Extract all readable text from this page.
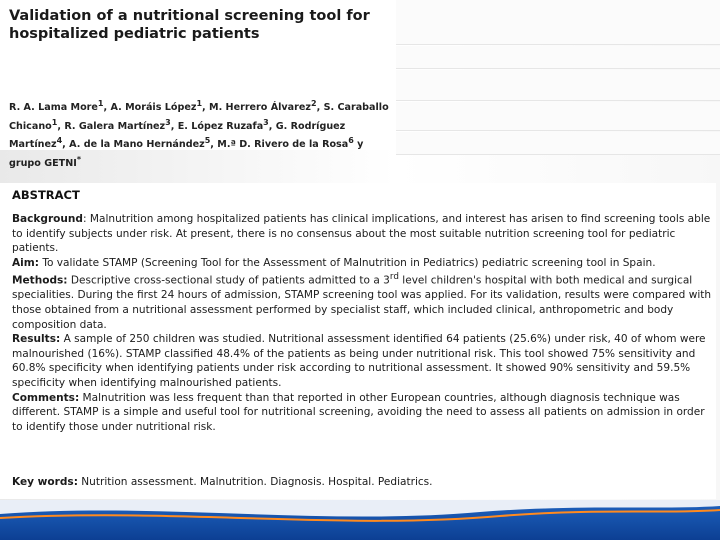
Validation of a nutritional screening tool for
hospitalized pediatric patients
R. A. Lama More$^1$, A. Moráis López$^1$, M. Herrero Álvarez$^2$, S. Caraballo Chicano$^1$, R. Galera Martínez$^3$, E. López Ruzafa$^3$, G. Rodríguez Martínez$^4$, A. de la Mano Hernández$^5$, M.ª D. Rivero de la Rosa$^6$ y grupo GETNI*
ABSTRACT

Background: Malnutrition among hospitalized patients has clinical implications, and interest has arisen to find screening tools able to identify subjects under risk. At present, there is no consensus about the most suitable nutrition screening tool for pediatric patients.

Aim: To validate STAMP (Screening Tool for the Assessment of Malnutrition in Pediatrics) pediatric screening tool in Spain.

Methods: Descriptive cross-sectional study of patients admitted to a 3rd level children's hospital with both medical and surgical specialities. During the first 24 hours of admission, STAMP screening tool was applied. For its validation, results were compared with those obtained from a nutritional assessment performed by specialist staff, which included clinical, anthropometric and body composition data.

Results: A sample of 250 children was studied. Nutritional assessment identified 64 patients (25.6%) under risk, 40 of whom were malnourished (16%). STAMP classified 48.4% of the patients as being under nutritional risk. This tool showed 75% sensitivity and 60.8% specificity when identifying patients under risk according to nutritional assessment. It showed 90% sensitivity and 59.5% specificity when identifying malnourished patients.

Comments: Malnutrition was less frequent than that reported in other European countries, although diagnosis technique was different. STAMP is a simple and useful tool for nutritional screening, avoiding the need to assess all patients on admission in order to identify those under nutritional risk.

Key words: Nutrition assessment. Malnutrition. Diagnosis. Hospital. Pediatrics.
